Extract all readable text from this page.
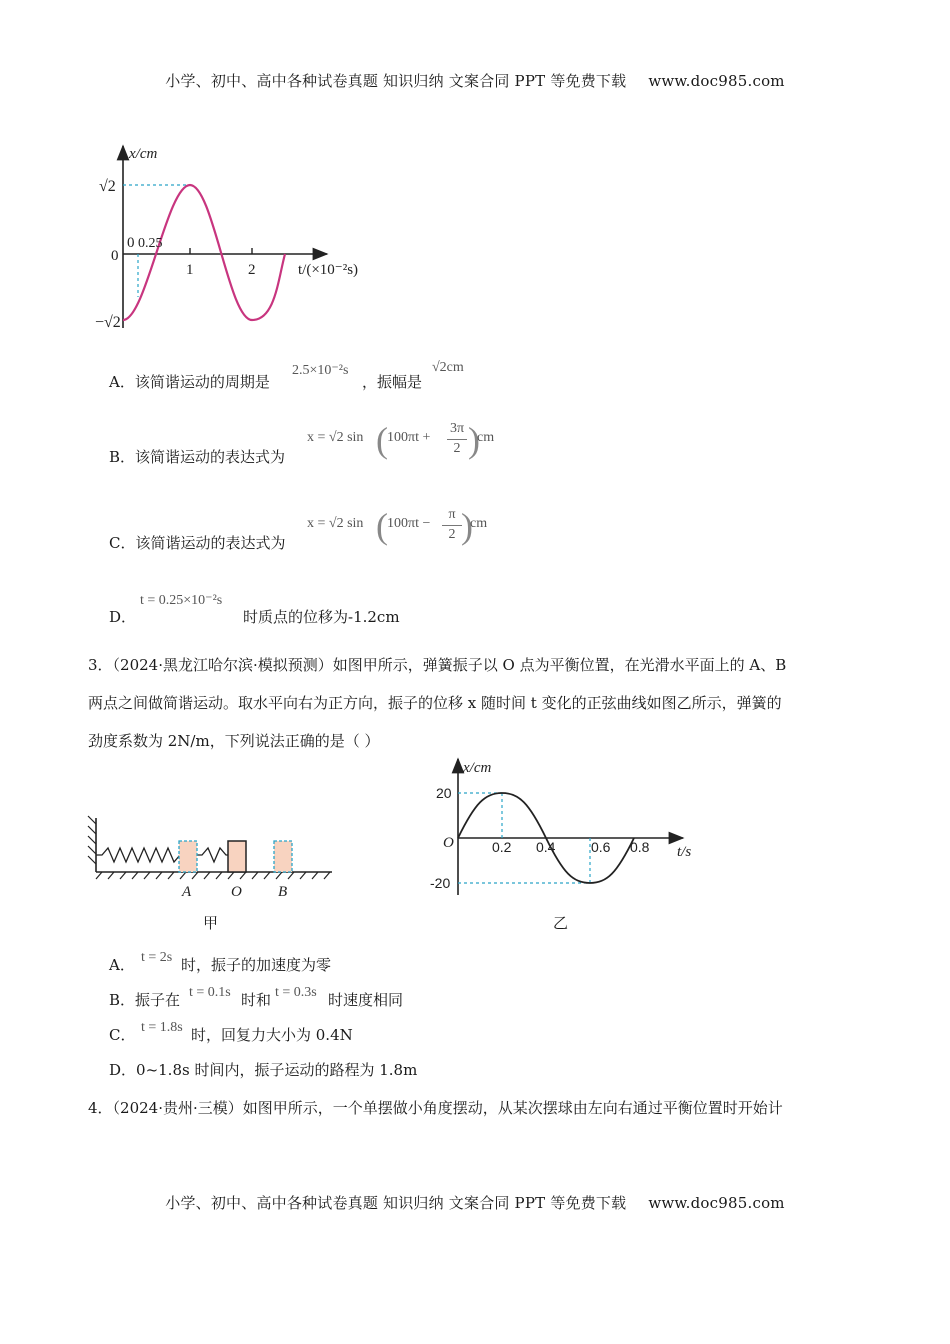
小学、初中、高中各种试卷真题 知识归纳 文案合同 PPT 等免费下载 www.doc985.com
x/cm
√2
0
0 0.25
1	2	t/(×10⁻²s)
−√2
A．该简谐运动的周期是
2.5×10⁻²s
，振幅是
√2cm
B．该简谐运动的表达式为
x = √2 sin ( 100πt +
3π
2 )
cm
C．该简谐运动的表达式为
x = √2 sin ( 100πt −
π
2 )
cm
D．
t = 0.25×10⁻²s
时质点的位移为-1.2cm
3．（2024·黑龙江哈尔滨·模拟预测）如图甲所示，弹簧振子以 O 点为平衡位置，在光滑水平面上的 A、B
两点之间做简谐运动。取水平向右为正方向，振子的位移 x 随时间 t 变化的正弦曲线如图乙所示，弹簧的
劲度系数为 2N/m，下列说法正确的是（ ）
A	O B
甲
x/cm
20
O
-20
0.2 0.4	0.6 0.8 t/s
乙
A． t = 2s 时，振子的加速度为零
B．振子在 t = 0.1s 时和 t = 0.3s 时速度相同
C． t = 1.8s 时，回复力大小为 0.4N
D．0~1.8s 时间内，振子运动的路程为 1.8m
4．（2024·贵州·三模）如图甲所示，一个单摆做小角度摆动，从某次摆球由左向右通过平衡位置时开始计
小学、初中、高中各种试卷真题 知识归纳 文案合同 PPT 等免费下载 www.doc985.com
